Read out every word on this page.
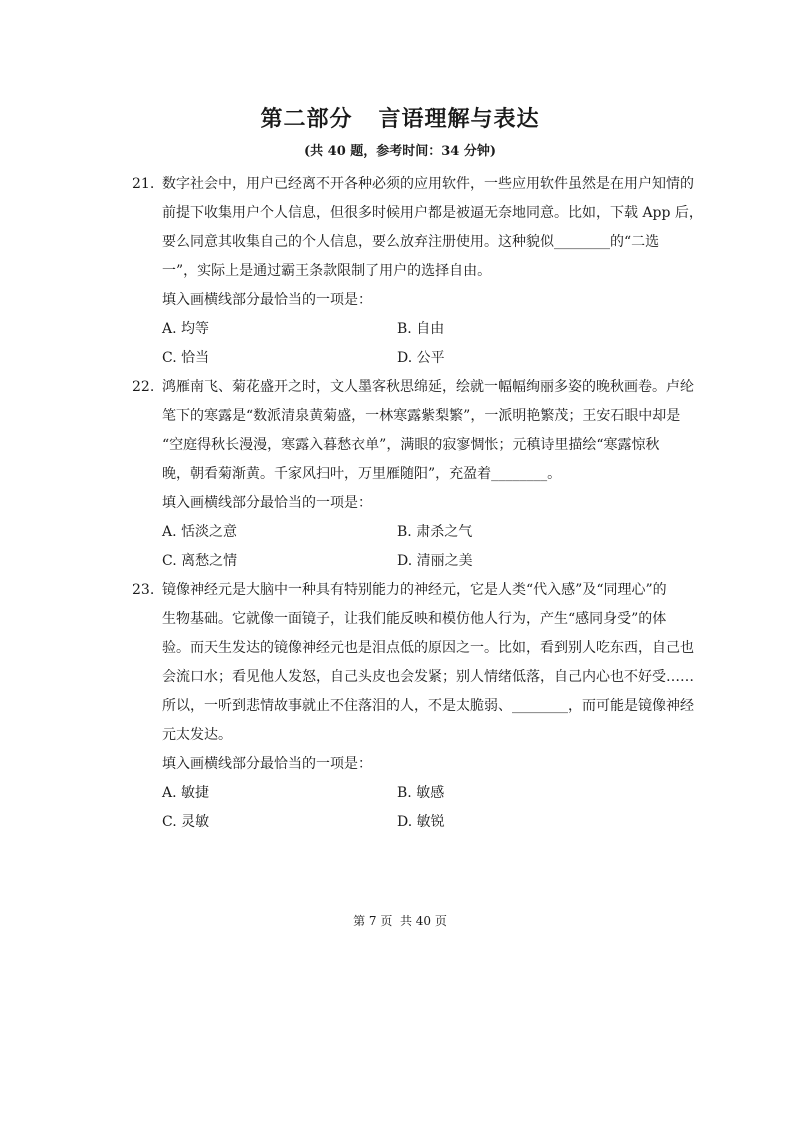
第二部分   言语理解与表达
(共 40 题，参考时间：34 分钟)
21. 数字社会中，用户已经离不开各种必须的应用软件，一些应用软件虽然是在用户知情的
前提下收集用户个人信息，但很多时候用户都是被逼无奈地同意。比如，下载 App 后，
要么同意其收集自己的个人信息，要么放弃注册使用。这种貌似________的“二选
一”，实际上是通过霸王条款限制了用户的选择自由。
填入画横线部分最恰当的一项是：
A. 均等	B. 自由
C. 恰当	D. 公平
22. 鸿雁南飞、菊花盛开之时，文人墨客秋思绵延，绘就一幅幅绚丽多姿的晚秋画卷。卢纶
笔下的寒露是“数派清泉黄菊盛，一林寒露紫梨繁”，一派明艳繁茂；王安石眼中却是
“空庭得秋长漫漫，寒露入暮愁衣单”，满眼的寂寥惆怅；元稹诗里描绘“寒露惊秋
晚，朝看菊渐黄。千家风扫叶，万里雁随阳”，充盈着________。
填入画横线部分最恰当的一项是：
A. 恬淡之意	B. 肃杀之气
C. 离愁之情	D. 清丽之美
23. 镜像神经元是大脑中一种具有特别能力的神经元，它是人类“代入感”及“同理心”的
生物基础。它就像一面镜子，让我们能反映和模仿他人行为，产生“感同身受”的体
验。而天生发达的镜像神经元也是泪点低的原因之一。比如，看到别人吃东西，自己也
会流口水；看见他人发怒，自己头皮也会发紧；别人情绪低落，自己内心也不好受……
所以，一听到悲情故事就止不住落泪的人，不是太脆弱、________，而可能是镜像神经
元太发达。
填入画横线部分最恰当的一项是：
A. 敏捷	B. 敏感
C. 灵敏	D. 敏锐
第 7 页  共 40 页
